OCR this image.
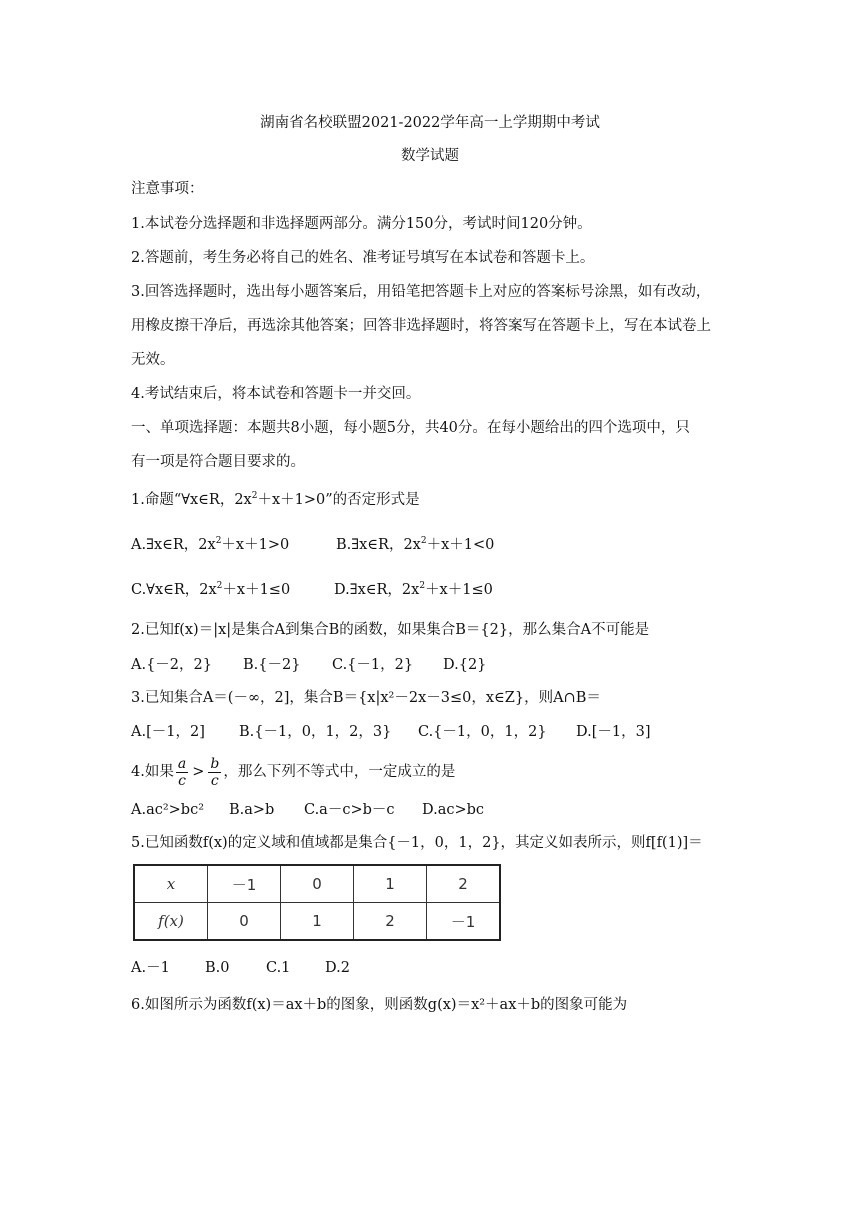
湖南省名校联盟2021-2022学年高一上学期期中考试
数学试题
注意事项：
1.本试卷分选择题和非选择题两部分。满分150分，考试时间120分钟。
2.答题前，考生务必将自己的姓名、准考证号填写在本试卷和答题卡上。
3.回答选择题时，选出每小题答案后，用铅笔把答题卡上对应的答案标号涂黑，如有改动，
用橡皮擦干净后，再选涂其他答案；回答非选择题时，将答案写在答题卡上，写在本试卷上
无效。
4.考试结束后，将本试卷和答题卡一并交回。
一、单项选择题：本题共8小题，每小题5分，共40分。在每小题给出的四个选项中，只
有一项是符合题目要求的。
1.命题“∀x∈R，$2x^2+x+1>0$”的否定形式是
A.∃x∈R，$2x^2+x+1>0$	B.∃x∈R，$2x^2+x+1<0$
C.∀x∈R，$2x^2+x+1\le 0$	D.∃x∈R，$2x^2+x+1\le 0$
2.已知f(x)＝|x|是集合A到集合B的函数，如果集合B＝{2}，那么集合A不可能是
A.{－2，2} B.{－2} C.{－1，2} D.{2}
3.已知集合A＝(－∞，2]，集合B＝{x|x²－2x－3≤0，x∈Z}，则A∩B＝
A.[－1，2] B.{－1，0，1，2，3} C.{－1，0，1，2} D.[－1，3]
4.如果 $\frac{a}{c} > \frac{b}{c}$ ，那么下列不等式中，一定成立的是
A.ac²>bc² B.a>b C.a－c>b－c D.ac>bc
5.已知函数f(x)的定义域和值域都是集合{－1，0，1，2}，其定义如表所示，则f[f(1)]＝
x	－1	0	1	2
f(x)	0	1	2	－1
A.－1 B.0	C.1 D.2
6.如图所示为函数f(x)＝ax＋b的图象，则函数g(x)＝x²＋ax＋b的图象可能为
